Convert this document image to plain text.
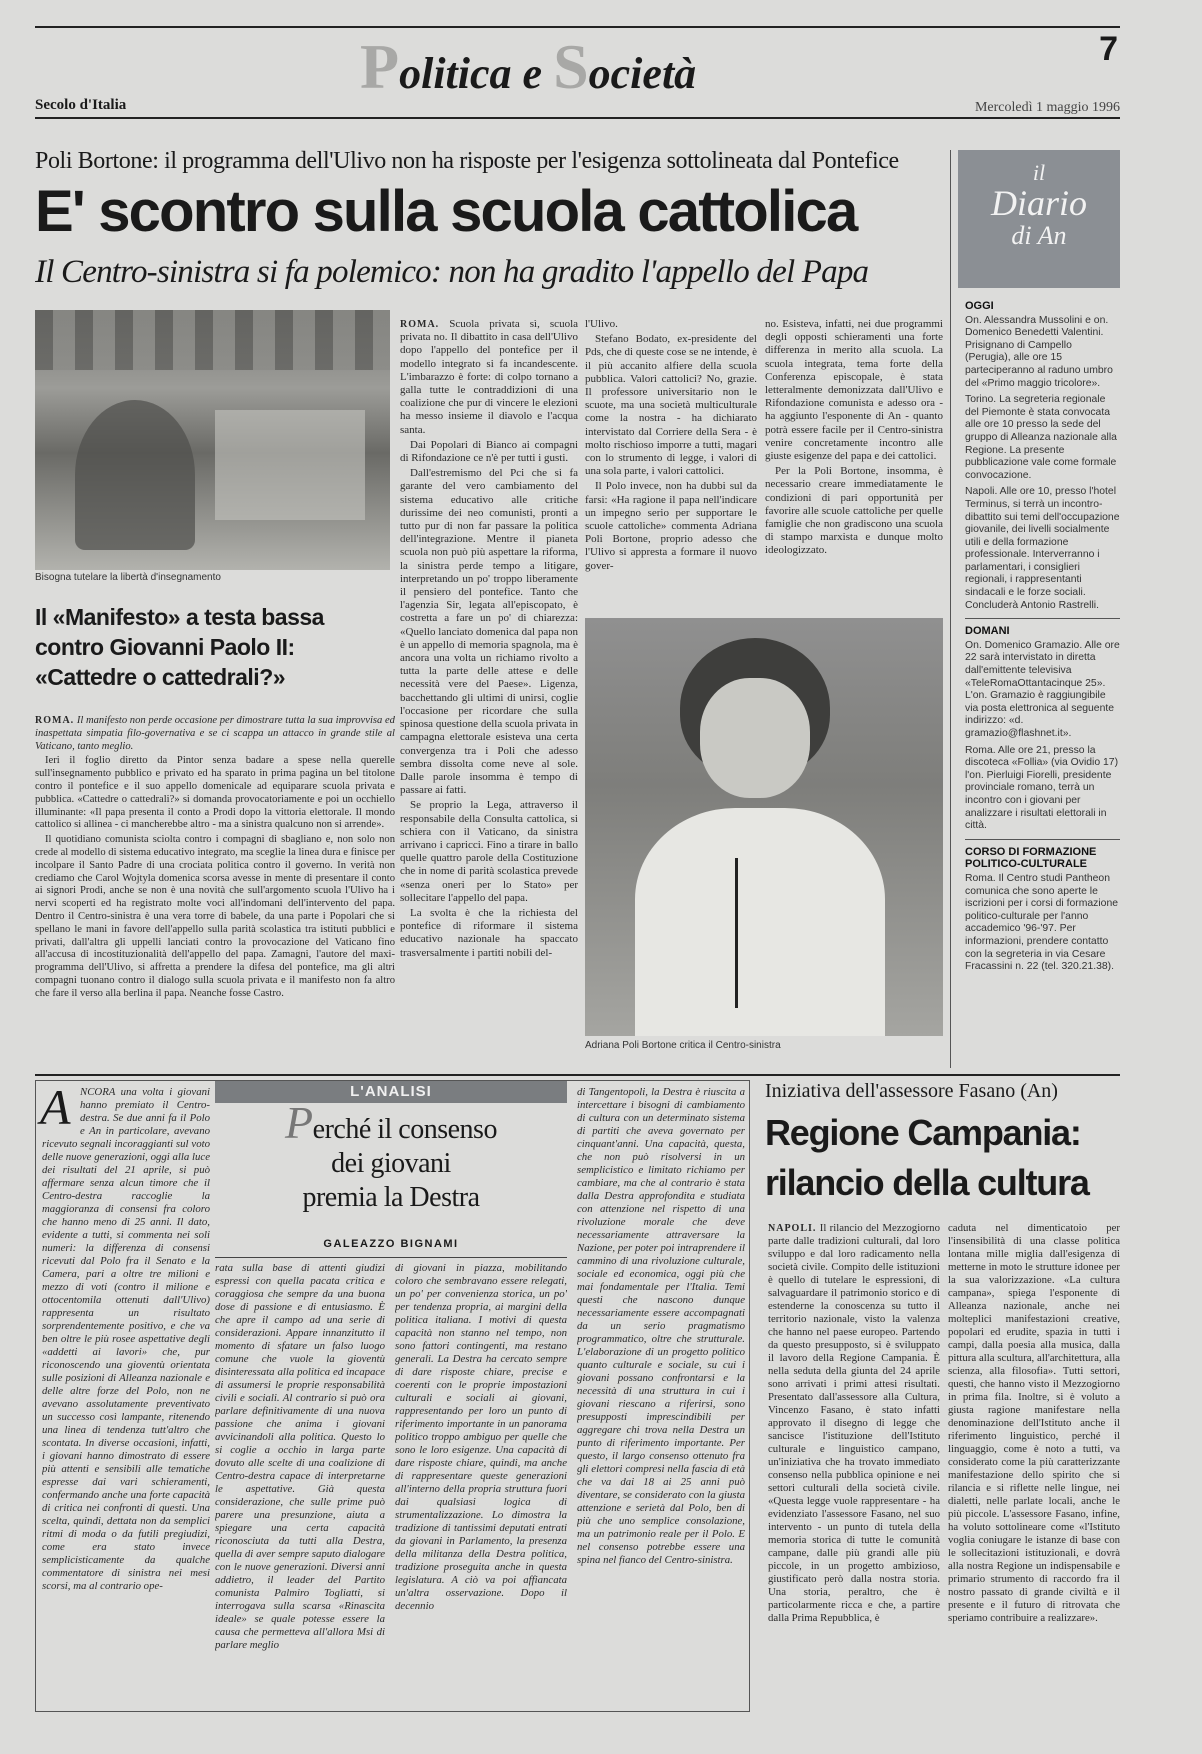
Politica e Società	7
Secolo d'Italia	Mercoledì 1 maggio 1996
Poli Bortone: il programma dell'Ulivo non ha risposte per l'esigenza sottolineata dal Pontefice
E' scontro sulla scuola cattolica
Il Centro-sinistra si fa polemico: non ha gradito l'appello del Papa
Bisogna tutelare la libertà d'insegnamento
Il «Manifesto» a testa bassa
contro Giovanni Paolo II:
«Cattedre o cattedrali?»

ROMA. Il manifesto non perde occasione per dimostrare tutta la sua improvvisa ed inaspettata simpatia filo-governativa e se ci scappa un attacco in grande stile al Vaticano, tanto meglio.

Ieri il foglio diretto da Pintor senza badare a spese nella querelle sull'insegnamento pubblico e privato ed ha sparato in prima pagina un bel titolone contro il pontefice e il suo appello domenicale ad equiparare scuola privata e pubblica. «Cattedre o cattedrali?» si domanda provocatoriamente e poi un occhiello illuminante: «Il papa presenta il conto a Prodi dopo la vittoria elettorale. Il mondo cattolico si allinea - ci mancherebbe altro - ma a sinistra qualcuno non si arrende».

Il quotidiano comunista sciolta contro i compagni di sbagliano e, non solo non crede al modello di sistema educativo integrato, ma sceglie la linea dura e finisce per incolpare il Santo Padre di una crociata politica contro il governo. In verità non crediamo che Carol Wojtyla domenica scorsa avesse in mente di presentare il conto ai signori Prodi, anche se non è una novità che sull'argomento scuola l'Ulivo ha i nervi scoperti ed ha registrato molte voci all'indomani dell'intervento del papa. Dentro il Centro-sinistra è una vera torre di babele, da una parte i Popolari che si spellano le mani in favore dell'appello sulla parità scolastica tra istituti pubblici e privati, dall'altra gli uppelli lanciati contro la provocazione del Vaticano fino all'accusa di incostituzionalità dell'appello del papa. Zamagni, l'autore del maxi-programma dell'Ulivo, si affretta a prendere la difesa del pontefice, ma gli altri compagni tuonano contro il dialogo sulla scuola privata e il manifesto non fa altro che fare il verso alla berlina il papa. Neanche fosse Castro.

ROMA. Scuola privata sì, scuola privata no. Il dibattito in casa dell'Ulivo dopo l'appello del pontefice per il modello integrato si fa incandescente. L'imbarazzo è forte: di colpo tornano a galla tutte le contraddizioni di una coalizione che pur di vincere le elezioni ha messo insieme il diavolo e l'acqua santa.

Dai Popolari di Bianco ai compagni di Rifondazione ce n'è per tutti i gusti.

Dall'estremismo del Pci che si fa garante del vero cambiamento del sistema educativo alle critiche durissime dei neo comunisti, pronti a tutto pur di non far passare la politica dell'integrazione. Mentre il pianeta scuola non può più aspettare la riforma, la sinistra perde tempo a litigare, interpretando un po' troppo liberamente il pensiero del pontefice. Tanto che l'agenzia Sir, legata all'episcopato, è costretta a fare un po' di chiarezza: «Quello lanciato domenica dal papa non è un appello di memoria spagnola, ma è ancora una volta un richiamo rivolto a tutta la parte delle attese e delle necessità vere del Paese». Ligenza, bacchettando gli ultimi di unirsi, coglie l'occasione per ricordare che sulla spinosa questione della scuola privata in campagna elettorale esisteva una certa convergenza tra i Poli che adesso sembra dissolta come neve al sole. Dalle parole insomma è tempo di passare ai fatti.

Se proprio la Lega, attraverso il responsabile della Consulta cattolica, si schiera con il Vaticano, da sinistra arrivano i capricci. Fino a tirare in ballo quelle quattro parole della Costituzione che in nome di parità scolastica prevede «senza oneri per lo Stato» per sollecitare l'appello del papa.

La svolta è che la richiesta del pontefice di riformare il sistema educativo nazionale ha spaccato trasversalmente i partiti nobili del-

l'Ulivo.

Stefano Bodato, ex-presidente del Pds, che di queste cose se ne intende, è il più accanito alfiere della scuola pubblica. Valori cattolici? No, grazie. Il professore universitario non le scuote, ma una società multiculturale come la nostra - ha dichiarato intervistato dal Corriere della Sera - è molto rischioso imporre a tutti, magari con lo strumento di legge, i valori di una sola parte, i valori cattolici.

Il Polo invece, non ha dubbi sul da farsi: «Ha ragione il papa nell'indicare un impegno serio per supportare le scuole cattoliche» commenta Adriana Poli Bortone, proprio adesso che l'Ulivo si appresta a formare il nuovo gover-

no. Esisteva, infatti, nei due programmi degli opposti schieramenti una forte differenza in merito alla scuola. La scuola integrata, tema forte della Conferenza episcopale, è stata letteralmente demonizzata dall'Ulivo e Rifondazione comunista e adesso ora - ha aggiunto l'esponente di An - quanto potrà essere facile per il Centro-sinistra venire concretamente incontro alle giuste esigenze del papa e dei cattolici.

Per la Poli Bortone, insomma, è necessario creare immediatamente le condizioni di pari opportunità per favorire alle scuole cattoliche per quelle famiglie che non gradiscono una scuola di stampo marxista e dunque molto ideologizzato.

Adriana Poli Bortone critica il Centro-sinistra
il
Diario
di An
OGGI

On. Alessandra Mussolini e on. Domenico Benedetti Valentini. Prisignano di Campello (Perugia), alle ore 15 parteciperanno al raduno umbro del «Primo maggio tricolore».

Torino. La segreteria regionale del Piemonte è stata convocata alle ore 10 presso la sede del gruppo di Alleanza nazionale alla Regione. La presente pubblicazione vale come formale convocazione.

Napoli. Alle ore 10, presso l'hotel Terminus, si terrà un incontro-dibattito sui temi dell'occupazione giovanile, dei livelli socialmente utili e della formazione professionale. Interverranno i parlamentari, i consiglieri regionali, i rappresentanti sindacali e le forze sociali. Concluderà Antonio Rastrelli.

DOMANI

On. Domenico Gramazio. Alle ore 22 sarà intervistato in diretta dall'emittente televisiva «TeleRomaOttantacinque 25». L'on. Gramazio è raggiungibile via posta elettronica al seguente indirizzo: «d. gramazio@flashnet.it».

Roma. Alle ore 21, presso la discoteca «Follia» (via Ovidio 17) l'on. Pierluigi Fiorelli, presidente provinciale romano, terrà un incontro con i giovani per analizzare i risultati elettorali in città.

CORSO DI FORMAZIONE
POLITICO-CULTURALE

Roma. Il Centro studi Pantheon comunica che sono aperte le iscrizioni per i corsi di formazione politico-culturale per l'anno accademico '96-'97. Per informazioni, prendere contatto con la segreteria in via Cesare Fracassini n. 22 (tel. 320.21.38).

A NCORA una volta i giovani hanno premiato il Centro-destra. Se due anni fa il Polo e An in particolare, avevano ricevuto segnali incoraggianti sul voto delle nuove generazioni, oggi alla luce dei risultati del 21 aprile, si può affermare senza alcun timore che il Centro-destra raccoglie la maggioranza di consensi fra coloro che hanno meno di 25 anni. Il dato, evidente a tutti, si commenta nei soli numeri: la differenza di consensi ricevuti dal Polo fra il Senato e la Camera, pari a oltre tre milioni e mezzo di voti (contro il milione e ottocentomila ottenuti dall'Ulivo) rappresenta un risultato sorprendentemente positivo, e che va ben oltre le più rosee aspettative degli «addetti ai lavori» che, pur riconoscendo una gioventù orientata sulle posizioni di Alleanza nazionale e delle altre forze del Polo, non ne avevano assolutamente preventivato un successo così lampante, ritenendo una linea di tendenza tutt'altro che scontata. In diverse occasioni, infatti, i giovani hanno dimostrato di essere più attenti e sensibili alle tematiche espresse dai vari schieramenti, confermando anche una forte capacità di critica nei confronti di questi. Una scelta, quindi, dettata non da semplici ritmi di moda o da futili pregiudizi, come era stato invece semplicisticamente da qualche commentatore di sinistra nei mesi scorsi, ma al contrario ope-
L'ANALISI
Perché il consenso
dei giovani
premia la Destra
GALEAZZO BIGNAMI
rata sulla base di attenti giudizi espressi con quella pacata critica e coraggiosa che sempre da una buona dose di passione e di entusiasmo. È che apre il campo ad una serie di considerazioni. Appare innanzitutto il momento di sfatare un falso luogo comune che vuole la gioventù disinteressata alla politica ed incapace di assumersi le proprie responsabilità civili e sociali. Al contrario si può ora parlare definitivamente di una nuova passione che anima i giovani avvicinandoli alla politica. Questo lo si coglie a occhio in larga parte dovuto alle scelte di una coalizione di Centro-destra capace di interpretarne le aspettative. Già questa considerazione, che sulle prime può parere una presunzione, aiuta a spiegare una certa capacità riconosciuta da tutti alla Destra, quella di aver sempre saputo dialogare con le nuove generazioni. Diversi anni addietro, il leader del Partito comunista Palmiro Togliatti, si interrogava sulla scarsa «Rinascita ideale» se quale potesse essere la causa che permetteva all'allora Msi di parlare meglio
di giovani in piazza, mobilitando coloro che sembravano essere relegati, un po' per convenienza storica, un po' per tendenza propria, ai margini della politica italiana. I motivi di questa capacità non stanno nel tempo, non sono fattori contingenti, ma restano generali. La Destra ha cercato sempre di dare risposte chiare, precise e coerenti con le proprie impostazioni culturali e sociali ai giovani, rappresentando per loro un punto di riferimento importante in un panorama politico troppo ambiguo per quelle che sono le loro esigenze. Una capacità di dare risposte chiare, quindi, ma anche di rappresentare queste generazioni all'interno della propria struttura fuori dai qualsiasi logica di strumentalizzazione. Lo dimostra la tradizione di tantissimi deputati entrati da giovani in Parlamento, la presenza della militanza della Destra politica, tradizione proseguita anche in questa legislatura. A ciò va poi affiancata un'altra osservazione. Dopo il decennio
di Tangentopoli, la Destra è riuscita a intercettare i bisogni di cambiamento di cultura con un determinato sistema di partiti che aveva governato per cinquant'anni. Una capacità, questa, che non può risolversi in un semplicistico e limitato richiamo per cambiare, ma che al contrario è stata dalla Destra approfondita e studiata con attenzione nel rispetto di una rivoluzione morale che deve necessariamente attraversare la Nazione, per poter poi intraprendere il cammino di una rivoluzione culturale, sociale ed economica, oggi più che mai fondamentale per l'Italia. Temi questi che nascono dunque necessariamente essere accompagnati da un serio pragmatismo programmatico, oltre che strutturale. L'elaborazione di un progetto politico quanto culturale e sociale, su cui i giovani possano confrontarsi e la necessità di una struttura in cui i giovani riescano a riferirsi, sono presupposti imprescindibili per aggregare chi trova nella Destra un punto di riferimento importante. Per questo, il largo consenso ottenuto fra gli elettori compresi nella fascia di età che va dai 18 ai 25 anni può diventare, se considerato con la giusta attenzione e serietà dal Polo, ben di più che uno semplice consolazione, ma un patrimonio reale per il Polo. E nel consenso potrebbe essere una spina nel fianco del Centro-sinistra.
Iniziativa dell'assessore Fasano (An)
Regione Campania:
rilancio della cultura
NAPOLI. Il rilancio del Mezzogiorno parte dalle tradizioni culturali, dal loro sviluppo e dal loro radicamento nella società civile. Compito delle istituzioni è quello di tutelare le espressioni, di salvaguardare il patrimonio storico e di estenderne la conoscenza su tutto il territorio nazionale, visto la valenza che hanno nel paese europeo. Partendo da questo presupposto, si è sviluppato il lavoro della Regione Campania. È nella seduta della giunta del 24 aprile sono arrivati i primi attesi risultati. Presentato dall'assessore alla Cultura, Vincenzo Fasano, è stato infatti approvato il disegno di legge che sancisce l'istituzione dell'Istituto culturale e linguistico campano, un'iniziativa che ha trovato immediato consenso nella pubblica opinione e nei settori culturali della società civile. «Questa legge vuole rappresentare - ha evidenziato l'assessore Fasano, nel suo intervento - un punto di tutela della memoria storica di tutte le comunità campane, dalle più grandi alle più piccole, in un progetto ambizioso, giustificato però dalla nostra storia. Una storia, peraltro, che è particolarmente ricca e che, a partire dalla Prima Repubblica, è
caduta nel dimenticatoio per l'insensibilità di una classe politica lontana mille miglia dall'esigenza di metterne in moto le strutture idonee per la sua valorizzazione. «La cultura campana», spiega l'esponente di Alleanza nazionale, anche nei molteplici manifestazioni creative, popolari ed erudite, spazia in tutti i campi, dalla poesia alla musica, dalla pittura alla scultura, all'architettura, alla scienza, alla filosofia». Tutti settori, questi, che hanno visto il Mezzogiorno in prima fila. Inoltre, si è voluto a giusta ragione manifestare nella denominazione dell'Istituto anche il riferimento linguistico, perché il linguaggio, come è noto a tutti, va considerato come la più caratterizzante manifestazione dello spirito che si rilancia e si riflette nelle lingue, nei dialetti, nelle parlate locali, anche le più piccole. L'assessore Fasano, infine, ha voluto sottolineare come «l'Istituto voglia coniugare le istanze di base con le sollecitazioni istituzionali, e dovrà alla nostra Regione un indispensabile e primario strumento di raccordo fra il nostro passato di grande civiltà e il presente e il futuro di ritrovata che speriamo contribuire a realizzare».
